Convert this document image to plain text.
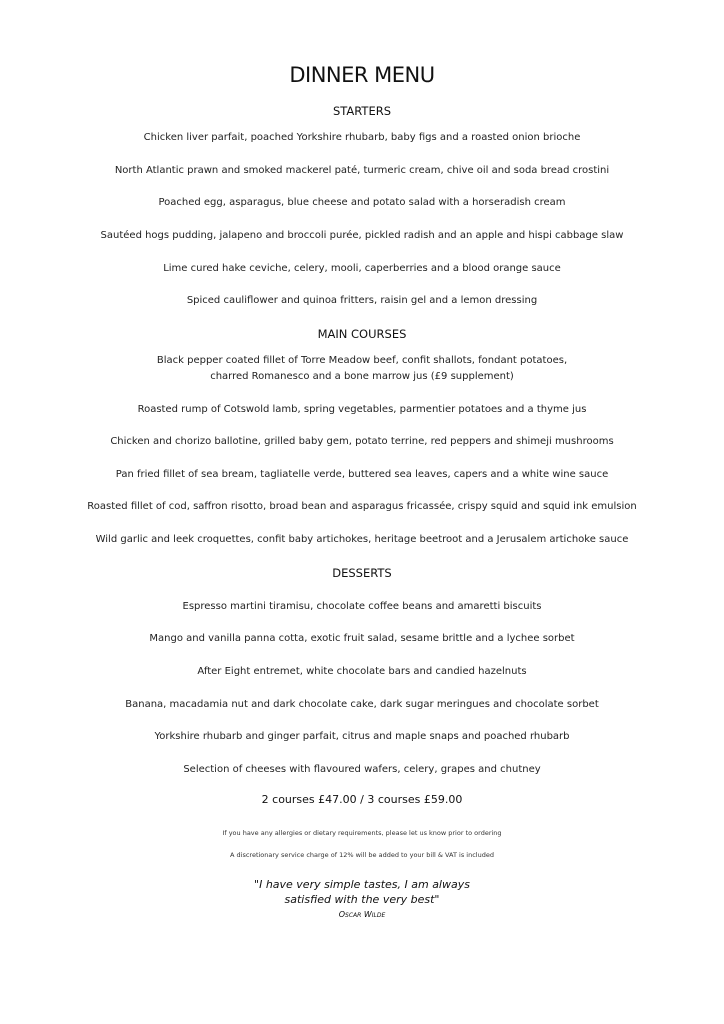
DINNER MENU
STARTERS
Chicken liver parfait, poached Yorkshire rhubarb, baby figs and a roasted onion brioche
North Atlantic prawn and smoked mackerel paté, turmeric cream, chive oil and soda bread crostini
Poached egg, asparagus, blue cheese and potato salad with a horseradish cream
Sautéed hogs pudding, jalapeno and broccoli purée, pickled radish and an apple and hispi cabbage slaw
Lime cured hake ceviche, celery, mooli, caperberries and a blood orange sauce
Spiced cauliflower and quinoa fritters, raisin gel and a lemon dressing
MAIN COURSES
Black pepper coated fillet of Torre Meadow beef, confit shallots, fondant potatoes,
charred Romanesco and a bone marrow jus (£9 supplement)
Roasted rump of Cotswold lamb, spring vegetables, parmentier potatoes and a thyme jus
Chicken and chorizo ballotine, grilled baby gem, potato terrine, red peppers and shimeji mushrooms
Pan fried fillet of sea bream, tagliatelle verde, buttered sea leaves, capers and a white wine sauce
Roasted fillet of cod, saffron risotto, broad bean and asparagus fricassée, crispy squid and squid ink emulsion
Wild garlic and leek croquettes, confit baby artichokes, heritage beetroot and a Jerusalem artichoke sauce
DESSERTS
Espresso martini tiramisu, chocolate coffee beans and amaretti biscuits
Mango and vanilla panna cotta, exotic fruit salad, sesame brittle and a lychee sorbet
After Eight entremet, white chocolate bars and candied hazelnuts
Banana, macadamia nut and dark chocolate cake, dark sugar meringues and chocolate sorbet
Yorkshire rhubarb and ginger parfait, citrus and maple snaps and poached rhubarb
Selection of cheeses with flavoured wafers, celery, grapes and chutney
2 courses £47.00 / 3 courses £59.00
If you have any allergies or dietary requirements, please let us know prior to ordering
A discretionary service charge of 12% will be added to your bill & VAT is included
"I have very simple tastes, I am always
satisfied with the very best"
Oscar Wilde
